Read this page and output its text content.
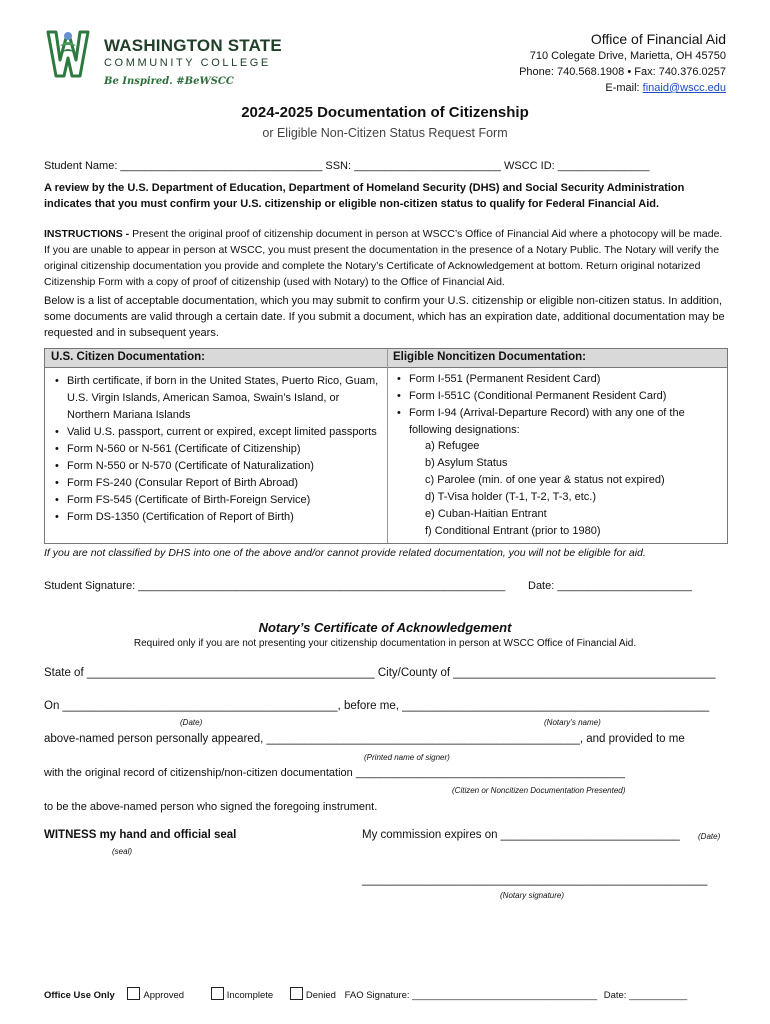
WASHINGTON STATE
COMMUNITY COLLEGE
Be Inspired. #BeWSCC
Office of Financial Aid
710 Colegate Drive, Marietta, OH 45750
Phone: 740.568.1908 • Fax: 740.376.0257
E-mail: finaid@wscc.edu
2024-2025 Documentation of Citizenship
or Eligible Non-Citizen Status Request Form
Student Name: _________________________________ SSN: ________________________ WSCC ID: _______________
A review by the U.S. Department of Education, Department of Homeland Security (DHS) and Social Security Administration indicates that you must confirm your U.S. citizenship or eligible non-citizen status to qualify for Federal Financial Aid.
INSTRUCTIONS - Present the original proof of citizenship document in person at WSCC’s Office of Financial Aid where a photocopy will be made. If you are unable to appear in person at WSCC, you must present the documentation in the presence of a Notary Public. The Notary will verify the original citizenship documentation you provide and complete the Notary’s Certificate of Acknowledgement at bottom. Return original notarized Citizenship Form with a copy of proof of citizenship (used with Notary) to the Office of Financial Aid.
Below is a list of acceptable documentation, which you may submit to confirm your U.S. citizenship or eligible non-citizen status. In addition, some documents are valid through a certain date. If you submit a document, which has an expiration date, additional documentation may be requested and in subsequent years.
U.S. Citizen Documentation:	Eligible Noncitizen Documentation:
• Birth certificate, if born in the United States, Puerto Rico, Guam, U.S. Virgin Islands, American Samoa, Swain’s Island, or Northern Mariana Islands
• Valid U.S. passport, current or expired, except limited passports
• Form N-560 or N-561 (Certificate of Citizenship)
• Form N-550 or N-570 (Certificate of Naturalization)
• Form FS-240 (Consular Report of Birth Abroad)
• Form FS-545 (Certificate of Birth-Foreign Service)
• Form DS-1350 (Certification of Report of Birth)
• Form I-551 (Permanent Resident Card)
• Form I-551C (Conditional Permanent Resident Card)
• Form I-94 (Arrival-Departure Record) with any one of the following designations:
a) Refugee
b) Asylum Status
c) Parolee (min. of one year & status not expired)
d) T-Visa holder (T-1, T-2, T-3, etc.)
e) Cuban-Haitian Entrant
f) Conditional Entrant (prior to 1980)
If you are not classified by DHS into one of the above and/or cannot provide related documentation, you will not be eligible for aid.
Student Signature: ____________________________________________________________ Date: ______________________
Notary’s Certificate of Acknowledgement
Required only if you are not presenting your citizenship documentation in person at WSCC Office of Financial Aid.
State of _____________________________________________ City/County of _________________________________________
On ___________________________________________, before me, ________________________________________________
(Date)	(Notary’s name)
above-named person personally appeared, _________________________________________________, and provided to me
(Printed name of signer)
with the original record of citizenship/non-citizen documentation ____________________________________________
(Citizen or Noncitizen Documentation Presented)
to be the above-named person who signed the foregoing instrument.
WITNESS my hand and official seal
(seal)
My commission expires on ____________________________ (Date)
______________________________________________________
(Notary signature)
Office Use Only	Approved	Incomplete	Denied FAO Signature: ___________________________________ Date: ___________
